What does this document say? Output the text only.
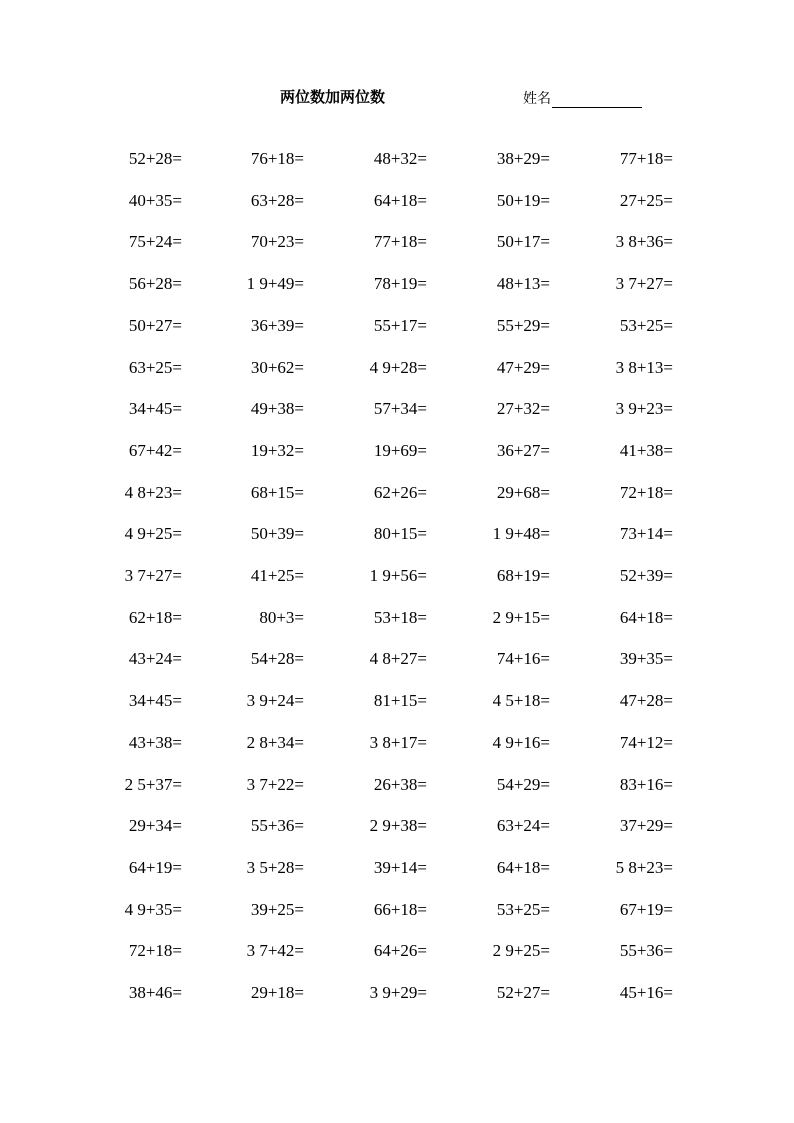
两位数加两位数	姓名
52+28=	76+18=	48+32=	38+29=	77+18=
40+35=	63+28=	64+18=	50+19=	27+25=
75+24=	70+23=	77+18=	50+17=	3 8+36=
56+28=	1 9+49=	78+19=	48+13=	3 7+27=
50+27=	36+39=	55+17=	55+29=	53+25=
63+25=	30+62=	4 9+28=	47+29=	3 8+13=
34+45=	49+38=	57+34=	27+32=	3 9+23=
67+42=	19+32=	19+69=	36+27=	41+38=
4 8+23=	68+15=	62+26=	29+68=	72+18=
4 9+25=	50+39=	80+15=	1 9+48=	73+14=
3 7+27=	41+25=	1 9+56=	68+19=	52+39=
62+18=	80+3=	53+18=	2 9+15=	64+18=
43+24=	54+28=	4 8+27=	74+16=	39+35=
34+45=	3 9+24=	81+15=	4 5+18=	47+28=
43+38=	2 8+34=	3 8+17=	4 9+16=	74+12=
2 5+37=	3 7+22=	26+38=	54+29=	83+16=
29+34=	55+36=	2 9+38=	63+24=	37+29=
64+19=	3 5+28=	39+14=	64+18=	5 8+23=
4 9+35=	39+25=	66+18=	53+25=	67+19=
72+18=	3 7+42=	64+26=	2 9+25=	55+36=
38+46=	29+18=	3 9+29=	52+27=	45+16=
